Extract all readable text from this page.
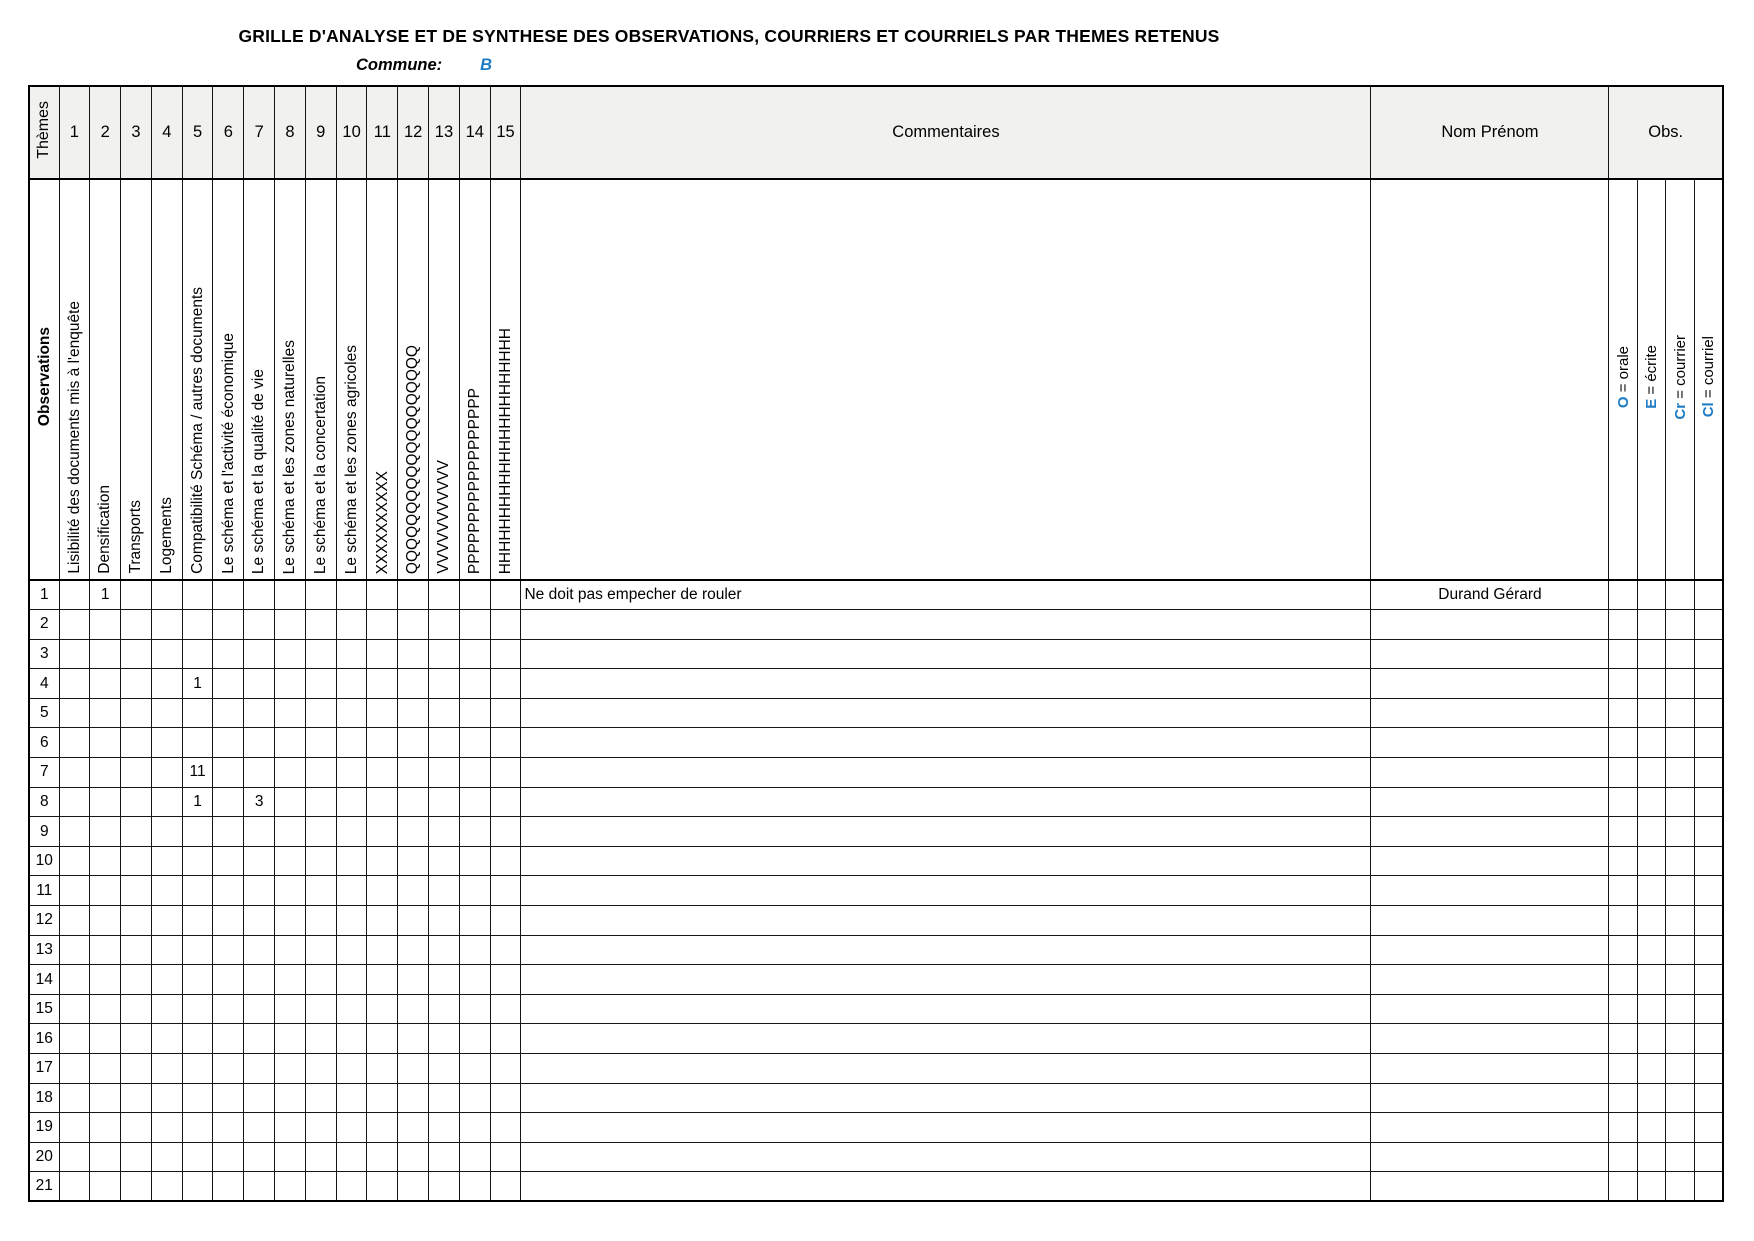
GRILLE D'ANALYSE ET DE SYNTHESE DES OBSERVATIONS, COURRIERS ET COURRIELS PAR THEMES RETENUS
Commune: B
Thèmes	1	2	3	4	5	6	7	8	9	10	11	12	13	14	15	Commentaires	Nom Prénom	Obs.			
Observations	Lisibilité des documents mis à l'enquête	Densification	Transports	Logements	Compatibilité Schéma / autres documents	Le schéma et l'activité économique	Le schéma et la qualité de vie	Le schéma et les zones naturelles	Le schéma et la concertation	Le schéma et les zones agricoles	XXXXXXXXXX	QQQQQQQQQQQQQQQQQQQ	VVVVVVVVVVV	PPPPPPPPPPPPPPPPPP	HHHHHHHHHHHHHHHHHHHHHH			O = orale	E = écrite	Cr = courrier	Cl = courriel
1		1														Ne doit pas empecher de rouler	Durand Gérard				
2																					
3																					
4					1																
5																					
6																					
7					11																
8					1		3														
9																					
10																					
11																					
12																					
13																					
14																					
15																					
16																					
17																					
18																					
19																					
20																					
21																					
